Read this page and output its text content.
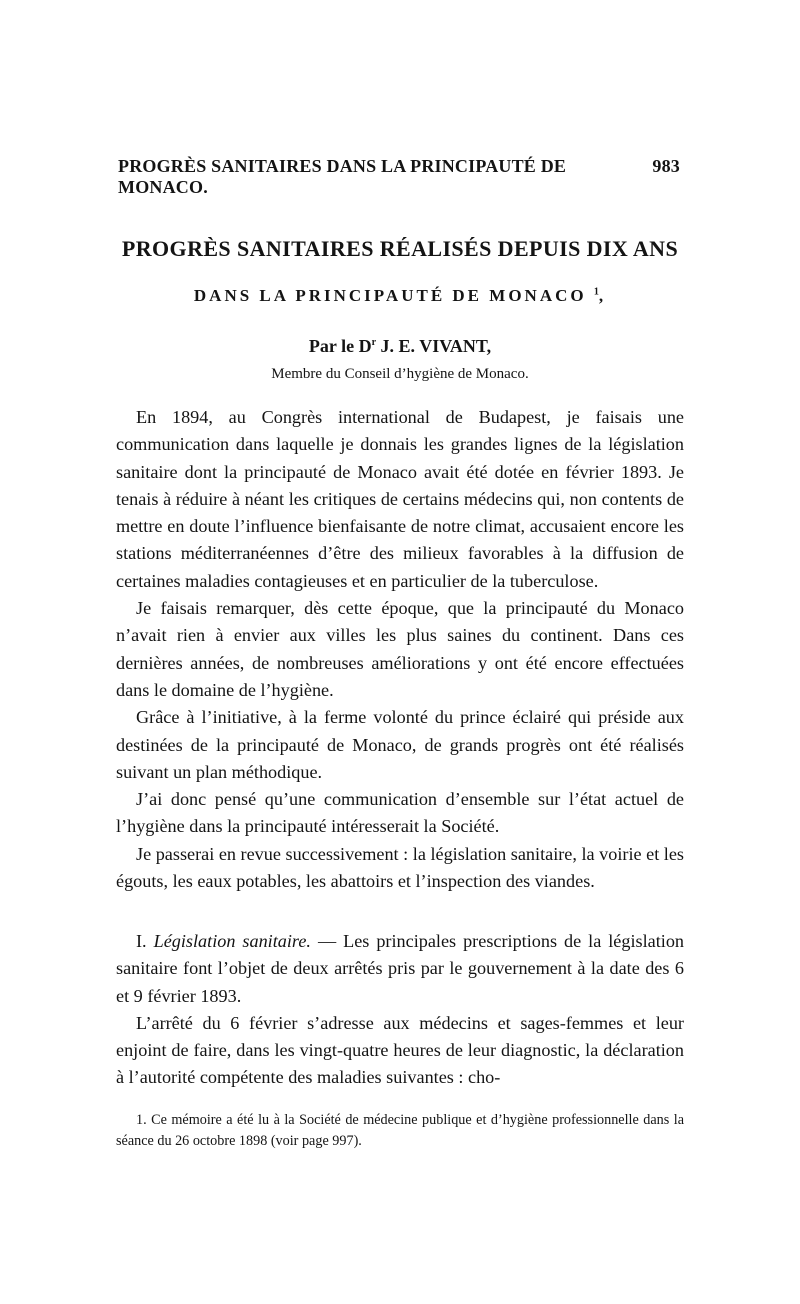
PROGRÈS SANITAIRES DANS LA PRINCIPAUTÉ DE MONACO.
983
PROGRÈS SANITAIRES RÉALISÉS DEPUIS DIX ANS
DANS LA PRINCIPAUTÉ DE MONACO $^1$,
Par le $D^r$ J. E. VIVANT,
Membre du Conseil d’hygiène de Monaco.

En 1894, au Congrès international de Budapest, je faisais une communication dans laquelle je donnais les grandes lignes de la législation sanitaire dont la principauté de Monaco avait été dotée en février 1893. Je tenais à réduire à néant les critiques de certains médecins qui, non contents de mettre en doute l’influence bienfaisante de notre climat, accusaient encore les stations méditerranéennes d’être des milieux favorables à la diffusion de certaines maladies contagieuses et en particulier de la tuberculose.

Je faisais remarquer, dès cette époque, que la principauté du Monaco n’avait rien à envier aux villes les plus saines du continent. Dans ces dernières années, de nombreuses améliorations y ont été encore effectuées dans le domaine de l’hygiène.

Grâce à l’initiative, à la ferme volonté du prince éclairé qui préside aux destinées de la principauté de Monaco, de grands progrès ont été réalisés suivant un plan méthodique.

J’ai donc pensé qu’une communication d’ensemble sur l’état actuel de l’hygiène dans la principauté intéresserait la Société.

Je passerai en revue successivement : la législation sanitaire, la voirie et les égouts, les eaux potables, les abattoirs et l’inspection des viandes.

I. Législation sanitaire. — Les principales prescriptions de la législation sanitaire font l’objet de deux arrêtés pris par le gouvernement à la date des 6 et 9 février 1893.

L’arrêté du 6 février s’adresse aux médecins et sages-femmes et leur enjoint de faire, dans les vingt-quatre heures de leur diagnostic, la déclaration à l’autorité compétente des maladies suivantes : cho-

1. Ce mémoire a été lu à la Société de médecine publique et d’hygiène professionnelle dans la séance du 26 octobre 1898 (voir page 997).
